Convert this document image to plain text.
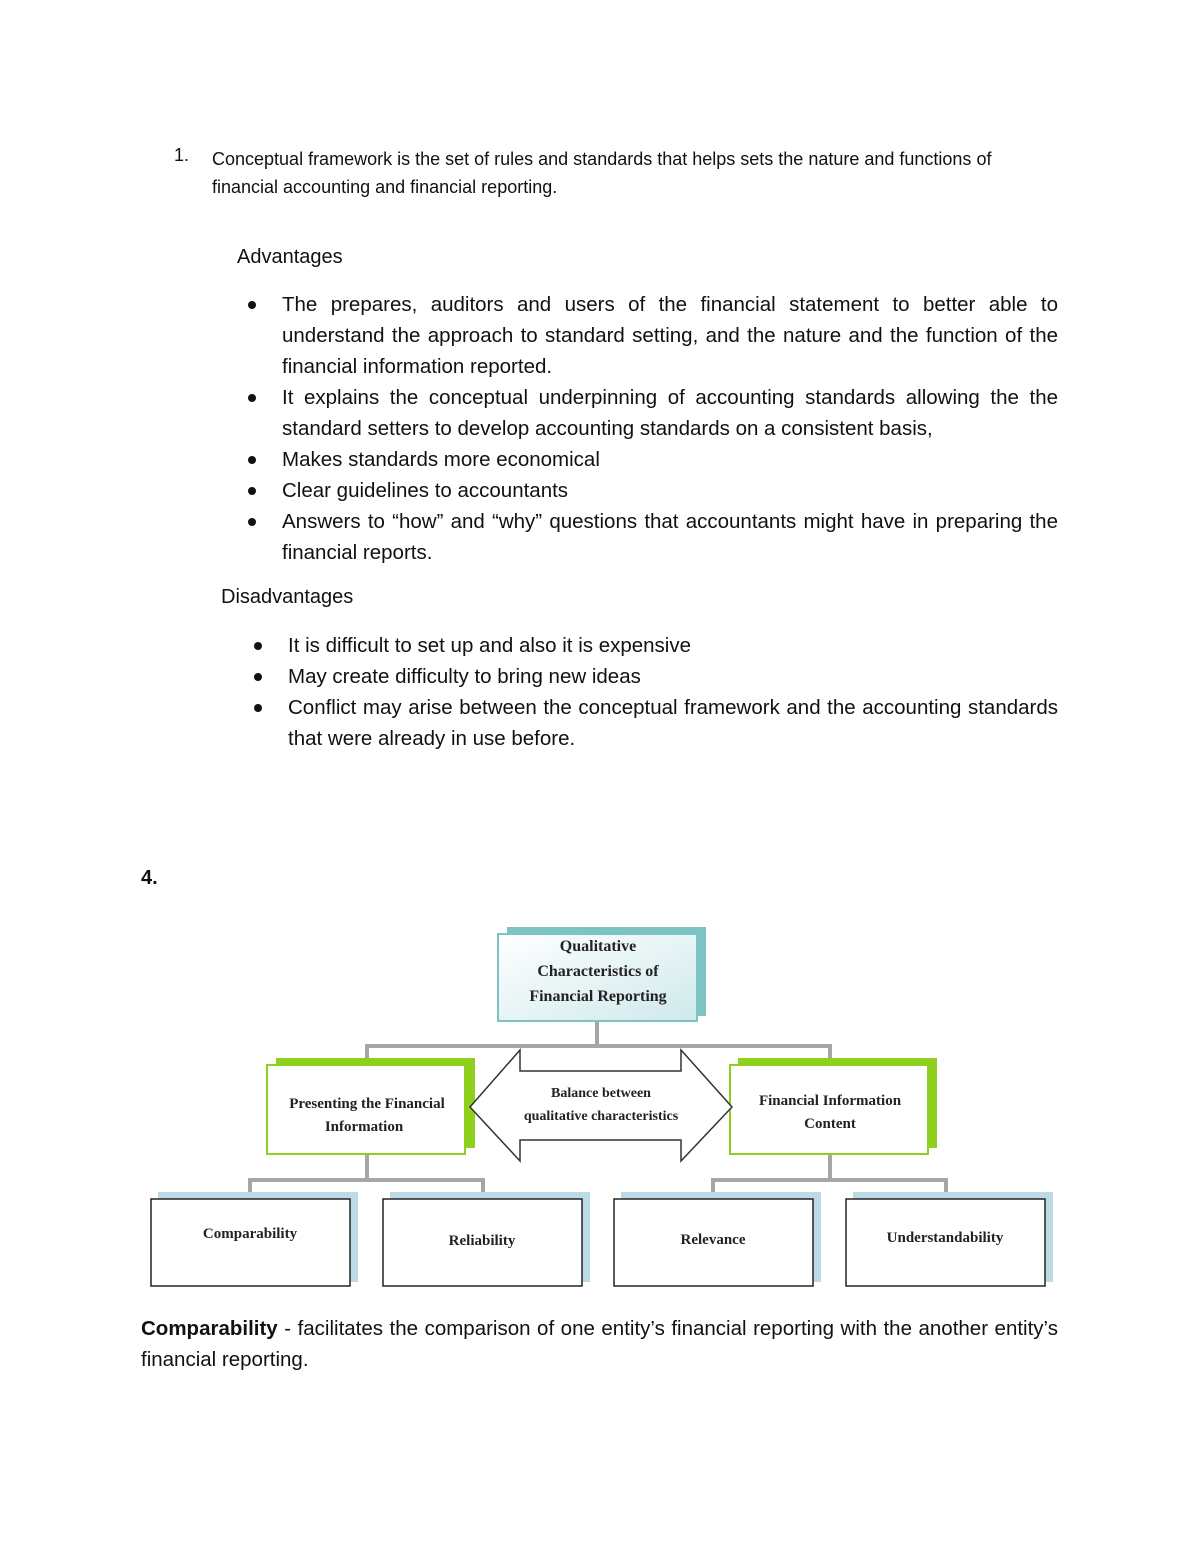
1. Conceptual framework is the set of rules and standards that helps sets the nature and functions of financial accounting and financial reporting.
Advantages
The prepares, auditors and users of the financial statement to better able to understand the approach to standard setting, and the nature and the function of the financial information reported.
It explains the conceptual underpinning of accounting standards allowing the the standard setters to develop accounting standards on a consistent basis,
Makes standards more economical
Clear guidelines to accountants
Answers to “how” and “why” questions that accountants might have in preparing the financial reports.
Disadvantages
It is difficult to set up and also it is expensive
May create difficulty to bring new ideas
Conflict may arise between the conceptual framework and the accounting standards that were already in use before.
4.
Qualitative
Characteristics of
Financial Reporting
Presenting the Financial
Information
Financial Information
Content
Balance between
qualitative characteristics
Comparability	Reliability	Relevance	Understandability
Comparability - facilitates the comparison of one entity’s financial reporting with the another entity’s financial reporting.
